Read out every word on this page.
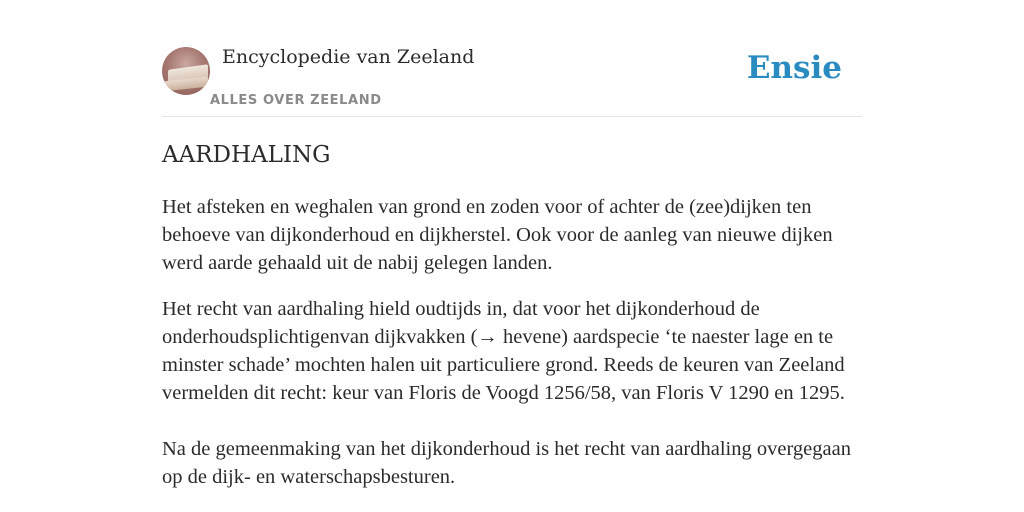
Encyclopedie van Zeeland
ALLES OVER ZEELAND
Ensie
AARDHALING

Het afsteken en weghalen van grond en zoden voor of achter de (zee)dijken ten behoeve van dijkonderhoud en dijkherstel. Ook voor de aanleg van nieuwe dijken werd aarde gehaald uit de nabij gelegen landen.

Het recht van aardhaling hield oudtijds in, dat voor het dijkonderhoud de onderhoudsplichtigenvan dijkvakken (→ hevene) aardspecie ‘te naester lage en te minster schade’ mochten halen uit particuliere grond. Reeds de keuren van Zeeland vermelden dit recht: keur van Floris de Voogd 1256/58, van Floris V 1290 en 1295.

Na de gemeenmaking van het dijkonderhoud is het recht van aardhaling overgegaan op de dijk- en waterschapsbesturen.
